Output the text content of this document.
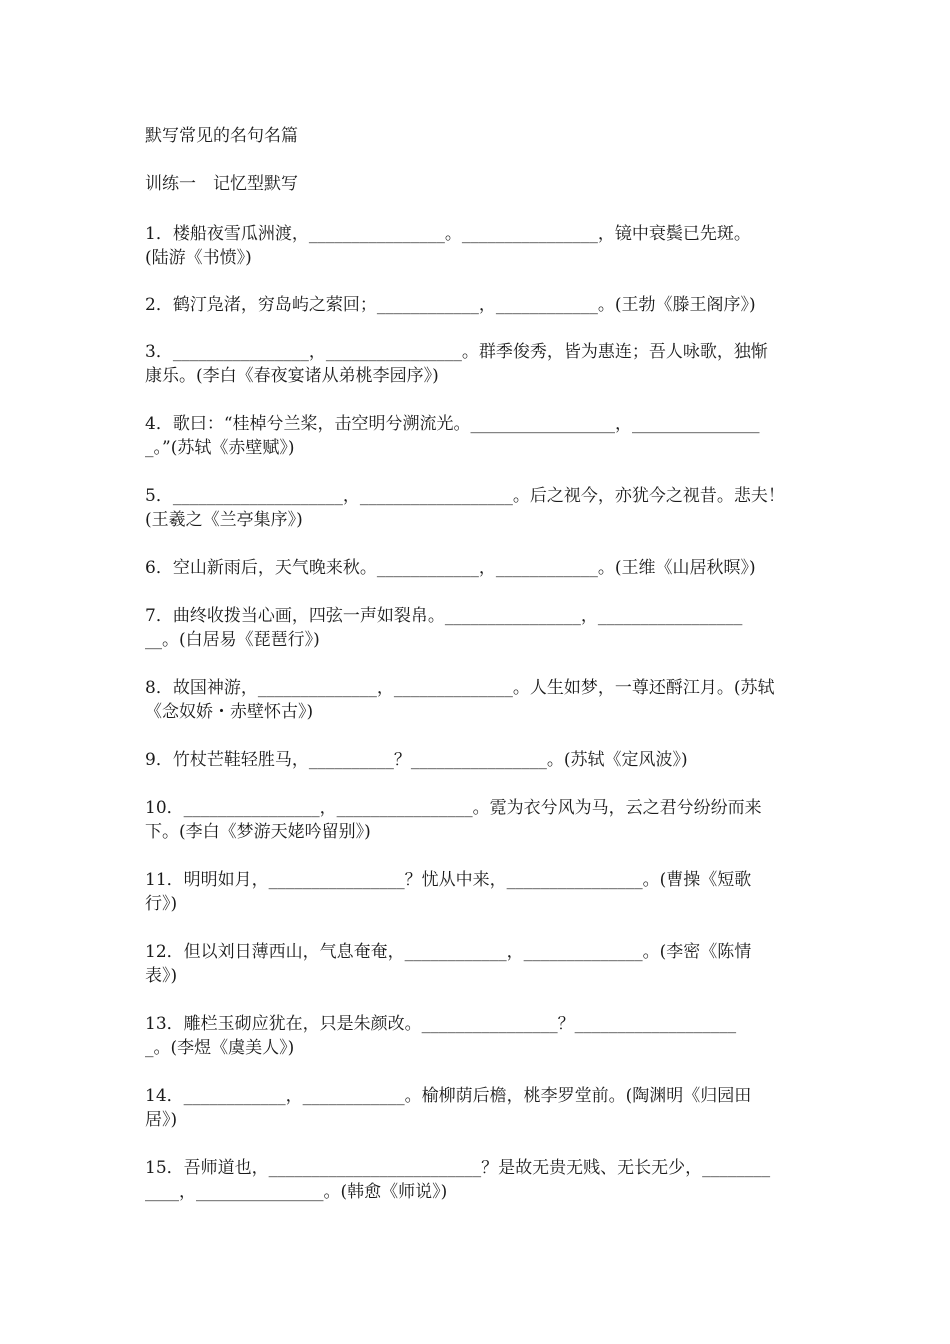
默写常见的名句名篇
训练一　记忆型默写
1．楼船夜雪瓜洲渡，________________。________________，镜中衰鬓已先斑。
(陆游《书愤》)
2．鹤汀凫渚，穷岛屿之萦回；____________，____________。(王勃《滕王阁序》)
3．________________，________________。群季俊秀，皆为惠连；吾人咏歌，独惭
康乐。(李白《春夜宴诸从弟桃李园序》)
4．歌曰：“桂棹兮兰桨，击空明兮溯流光。_________________，_______________
_。”(苏轼《赤壁赋》)
5．____________________，__________________。后之视今，亦犹今之视昔。悲夫！
(王羲之《兰亭集序》)
6．空山新雨后，天气晚来秋。____________，____________。(王维《山居秋暝》)
7．曲终收拨当心画，四弦一声如裂帛。________________，_________________
__。(白居易《琵琶行》)
8．故国神游，______________，______________。人生如梦，一尊还酹江月。(苏轼
《念奴娇・赤壁怀古》)
9．竹杖芒鞋轻胜马，__________？________________。(苏轼《定风波》)
10．________________，________________。霓为衣兮风为马，云之君兮纷纷而来
下。(李白《梦游天姥吟留别》)
11．明明如月，________________？忧从中来，________________。(曹操《短歌
行》)
12．但以刘日薄西山，气息奄奄，____________，______________。(李密《陈情
表》)
13．雕栏玉砌应犹在，只是朱颜改。________________？___________________
_。(李煜《虞美人》)
14．____________，____________。榆柳荫后檐，桃李罗堂前。(陶渊明《归园田
居》)
15．吾师道也，_________________________？是故无贵无贱、无长无少，________
____，_______________。(韩愈《师说》)
